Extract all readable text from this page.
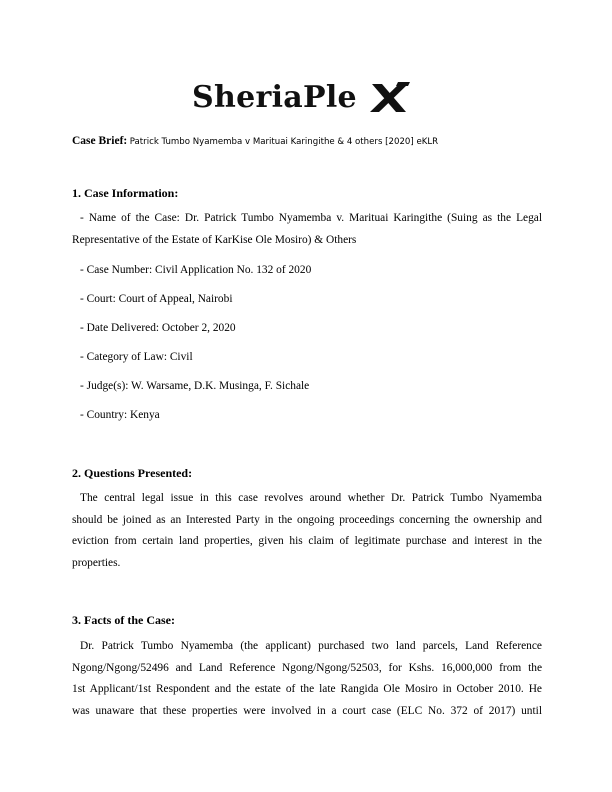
SheriaPle
Case Brief: Patrick Tumbo Nyamemba v Marituai Karingithe & 4 others [2020] eKLR
1. Case Information:
- Name of the Case: Dr. Patrick Tumbo Nyamemba v. Marituai Karingithe (Suing as the Legal
Representative of the Estate of KarKise Ole Mosiro) & Others
- Case Number: Civil Application No. 132 of 2020
- Court: Court of Appeal, Nairobi
- Date Delivered: October 2, 2020
- Category of Law: Civil
- Judge(s): W. Warsame, D.K. Musinga, F. Sichale
- Country: Kenya
2. Questions Presented:
The central legal issue in this case revolves around whether Dr. Patrick Tumbo Nyamemba
should be joined as an Interested Party in the ongoing proceedings concerning the ownership and
eviction from certain land properties, given his claim of legitimate purchase and interest in the
properties.
3. Facts of the Case:
Dr. Patrick Tumbo Nyamemba (the applicant) purchased two land parcels, Land Reference
Ngong/Ngong/52496 and Land Reference Ngong/Ngong/52503, for Kshs. 16,000,000 from the
1st Applicant/1st Respondent and the estate of the late Rangida Ole Mosiro in October 2010. He
was unaware that these properties were involved in a court case (ELC No. 372 of 2017) until
